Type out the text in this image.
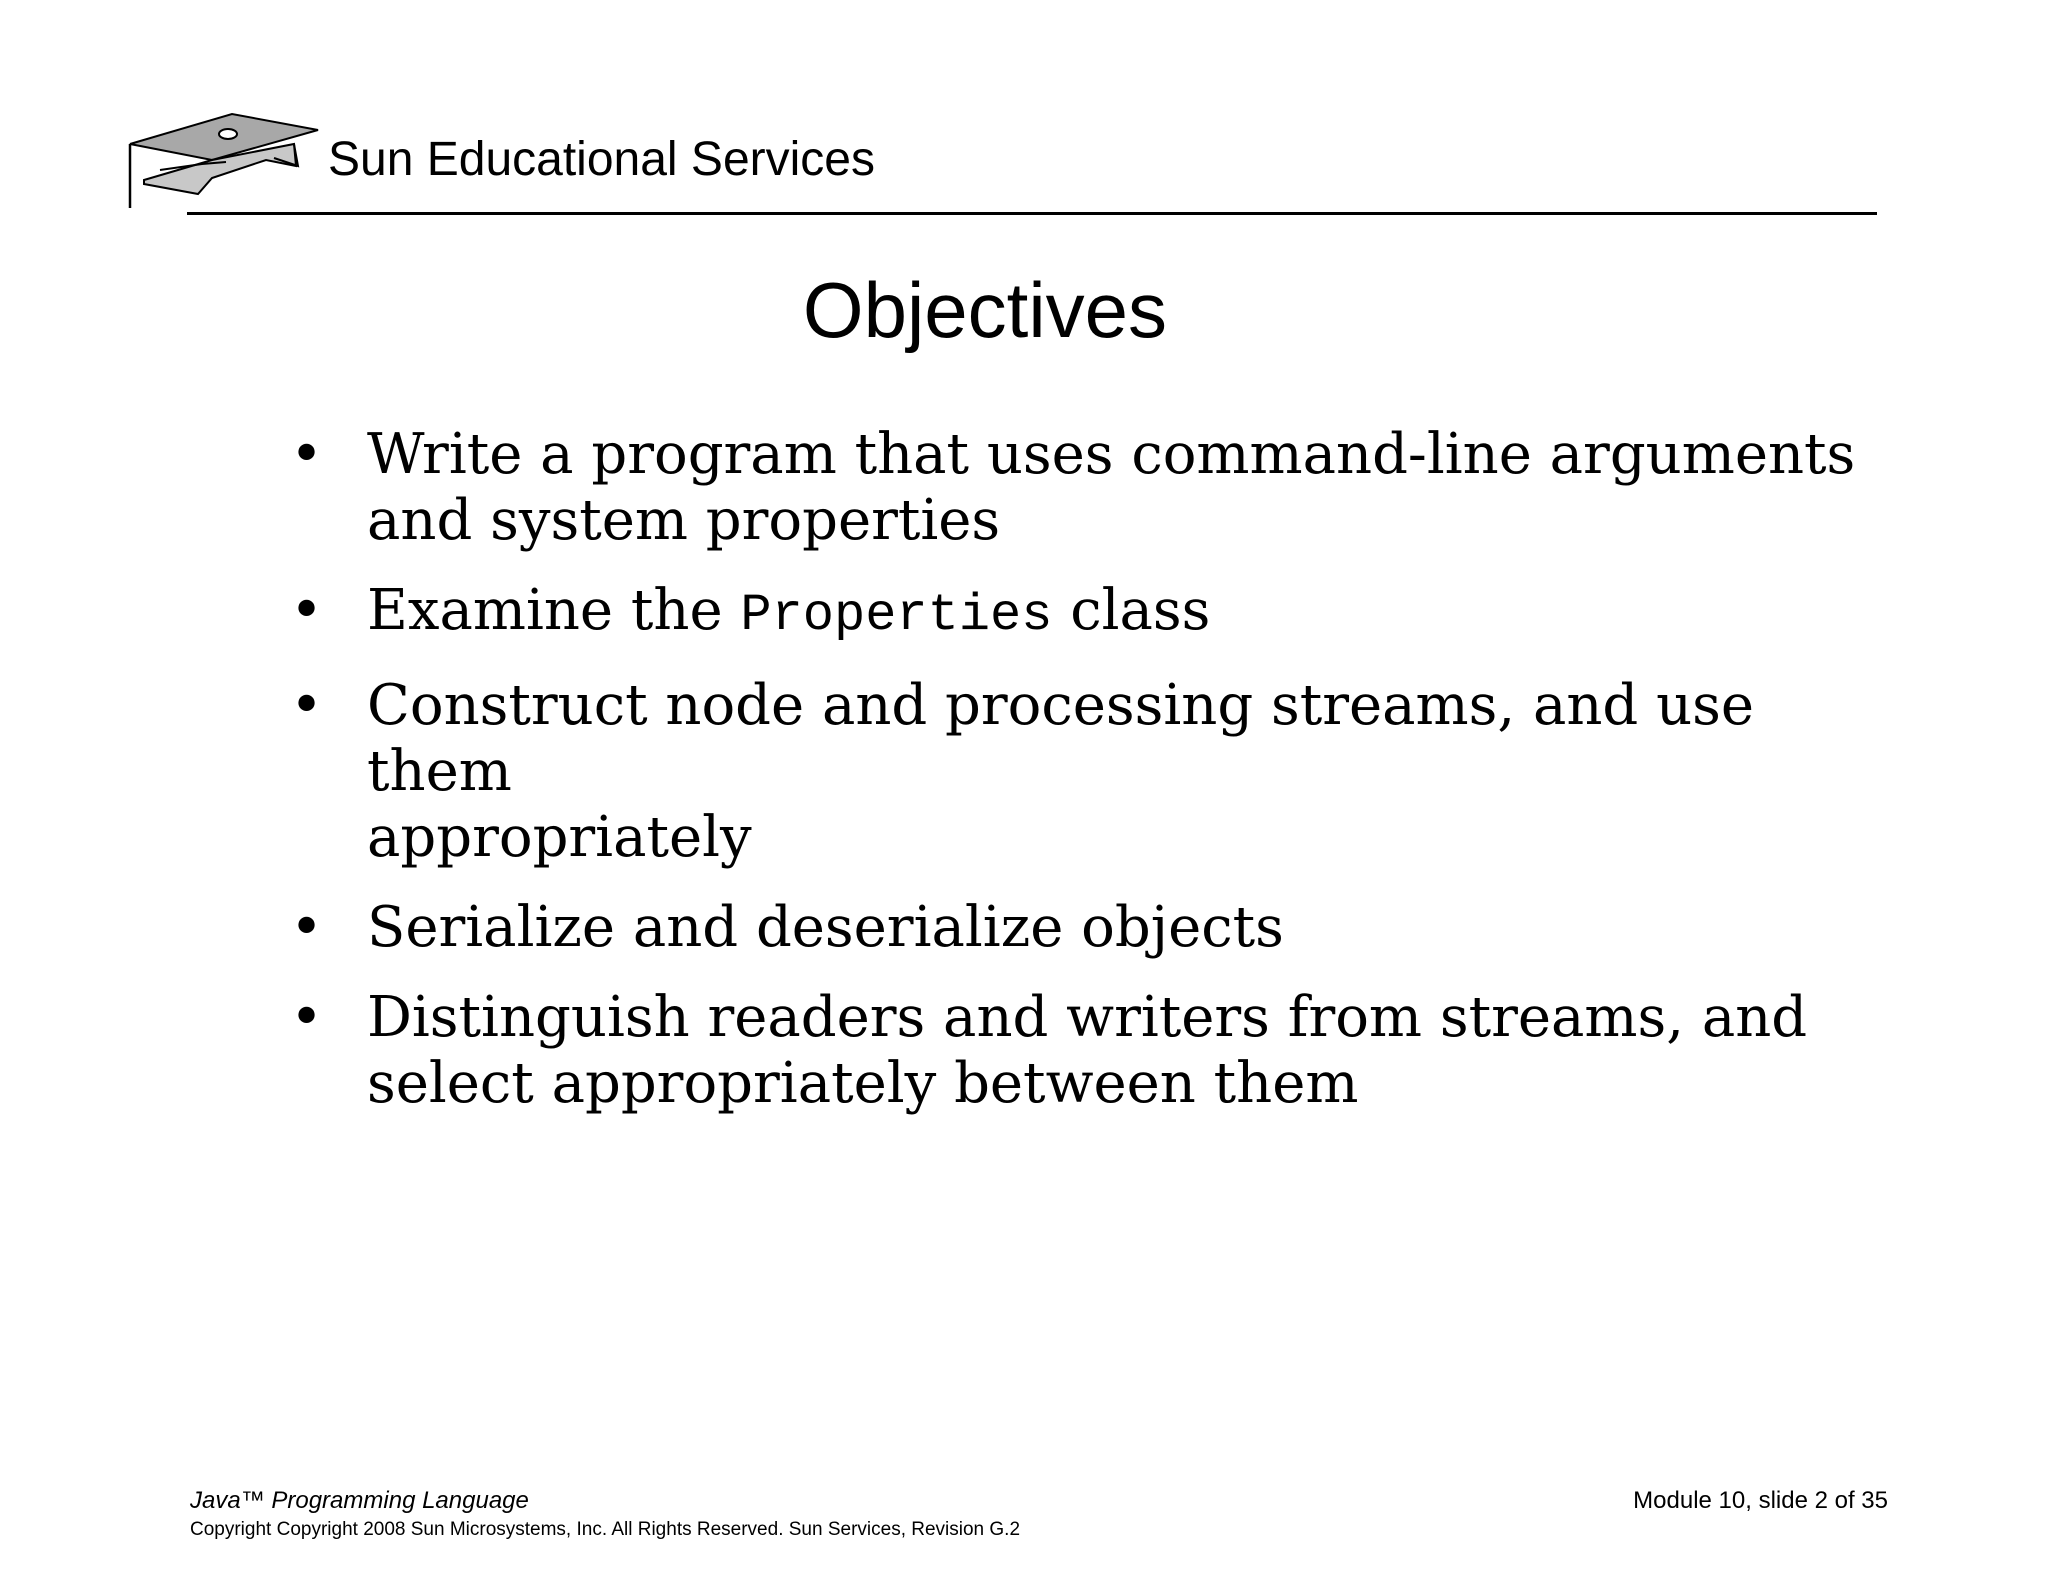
Sun Educational Services
Objectives
• Write a program that uses command-line arguments
and system properties
• Examine the Properties class
• Construct node and processing streams, and use them
appropriately
• Serialize and deserialize objects
• Distinguish readers and writers from streams, and
select appropriately between them
Java™ Programming Language	Module 10, slide 2 of 35
Copyright Copyright 2008 Sun Microsystems, Inc. All Rights Reserved. Sun Services, Revision G.2
